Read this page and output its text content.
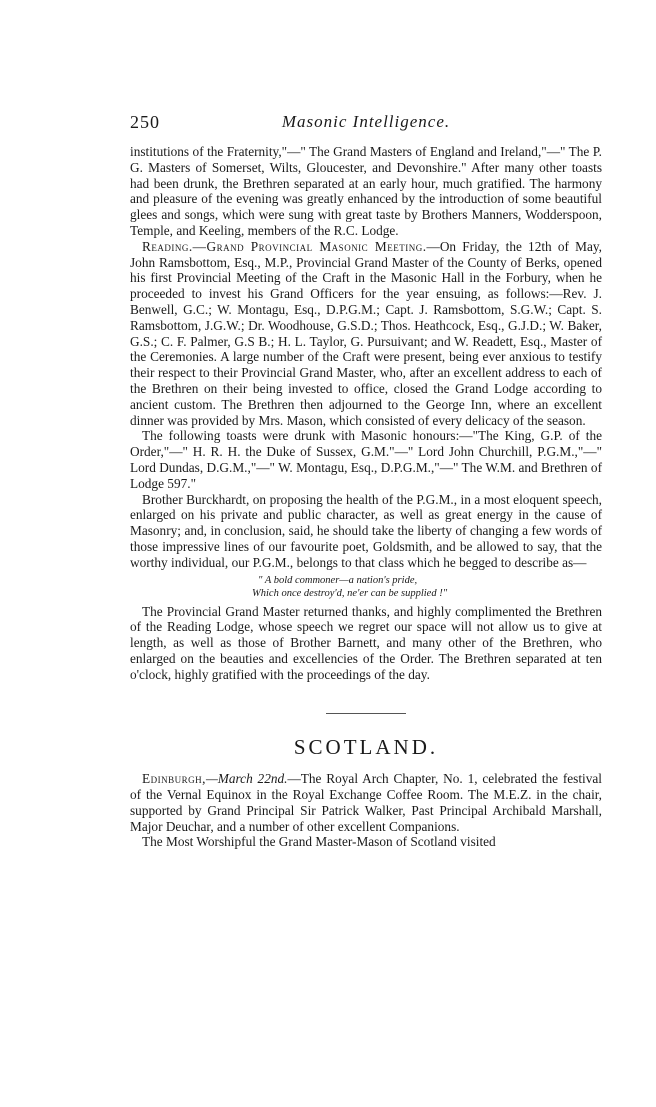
250	Masonic Intelligence.

institutions of the Fraternity,"—" The Grand Masters of England and Ireland,"—" The P. G. Masters of Somerset, Wilts, Gloucester, and Devonshire." After many other toasts had been drunk, the Brethren separated at an early hour, much gratified. The harmony and pleasure of the evening was greatly enhanced by the introduction of some beautiful glees and songs, which were sung with great taste by Brothers Manners, Wodderspoon, Temple, and Keeling, members of the R.C. Lodge.

Reading.—Grand Provincial Masonic Meeting.—On Friday, the 12th of May, John Ramsbottom, Esq., M.P., Provincial Grand Master of the County of Berks, opened his first Provincial Meeting of the Craft in the Masonic Hall in the Forbury, when he proceeded to invest his Grand Officers for the year ensuing, as follows:—Rev. J. Benwell, G.C.; W. Montagu, Esq., D.P.G.M.; Capt. J. Ramsbottom, S.G.W.; Capt. S. Ramsbottom, J.G.W.; Dr. Woodhouse, G.S.D.; Thos. Heathcock, Esq., G.J.D.; W. Baker, G.S.; C. F. Palmer, G.S B.; H. L. Taylor, G. Pursuivant; and W. Readett, Esq., Master of the Ceremonies. A large number of the Craft were present, being ever anxious to testify their respect to their Provincial Grand Master, who, after an excellent address to each of the Brethren on their being invested to office, closed the Grand Lodge according to ancient custom. The Brethren then adjourned to the George Inn, where an excellent dinner was provided by Mrs. Mason, which consisted of every delicacy of the season.

The following toasts were drunk with Masonic honours:—"The King, G.P. of the Order,"—" H. R. H. the Duke of Sussex, G.M."—" Lord John Churchill, P.G.M.,"—" Lord Dundas, D.G.M.,"—" W. Montagu, Esq., D.P.G.M.,"—" The W.M. and Brethren of Lodge 597."

Brother Burckhardt, on proposing the health of the P.G.M., in a most eloquent speech, enlarged on his private and public character, as well as great energy in the cause of Masonry; and, in conclusion, said, he should take the liberty of changing a few words of those impressive lines of our favourite poet, Goldsmith, and be allowed to say, that the worthy individual, our P.G.M., belongs to that class which he begged to describe as—

" A bold commoner—a nation's pride,
Which once destroy'd, ne'er can be supplied !"

The Provincial Grand Master returned thanks, and highly complimented the Brethren of the Reading Lodge, whose speech we regret our space will not allow us to give at length, as well as those of Brother Barnett, and many other of the Brethren, who enlarged on the beauties and excellencies of the Order. The Brethren separated at ten o'clock, highly gratified with the proceedings of the day.

SCOTLAND.

Edinburgh,—March 22nd.—The Royal Arch Chapter, No. 1, celebrated the festival of the Vernal Equinox in the Royal Exchange Coffee Room. The M.E.Z. in the chair, supported by Grand Principal Sir Patrick Walker, Past Principal Archibald Marshall, Major Deuchar, and a number of other excellent Companions.

The Most Worshipful the Grand Master-Mason of Scotland visited
